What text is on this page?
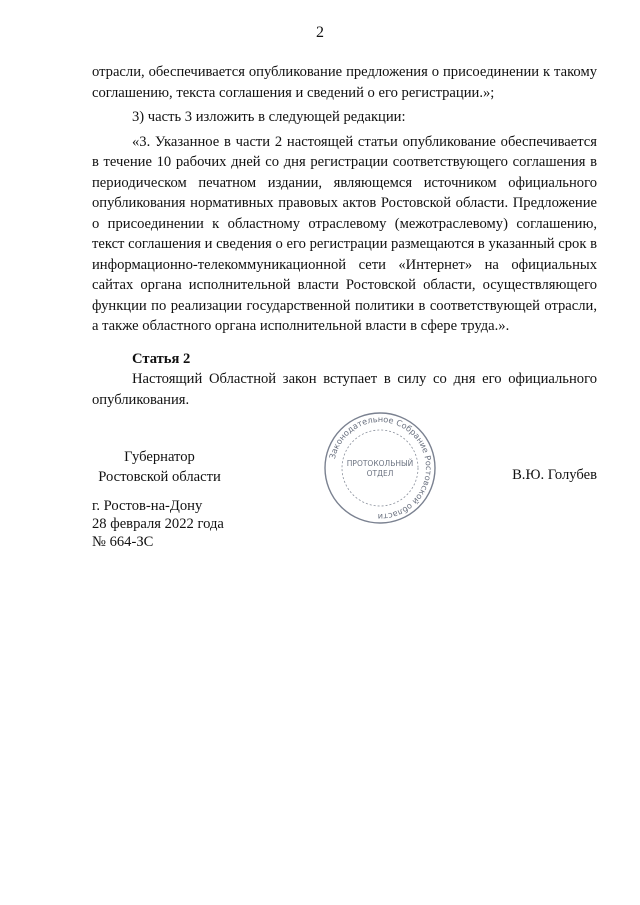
2

отрасли, обеспечивается опубликование предложения о присоединении к такому соглашению, текста соглашения и сведений о его регистрации.»;

3) часть 3 изложить в следующей редакции:

«3. Указанное в части 2 настоящей статьи опубликование обеспечивается в течение 10 рабочих дней со дня регистрации соответствующего соглашения в периодическом печатном издании, являющемся источником официального опубликования нормативных правовых актов Ростовской области. Предложение о присоединении к областному отраслевому (межотраслевому) соглашению, текст соглашения и сведения о его регистрации размещаются в указанный срок в информационно-телекоммуникационной сети «Интернет» на официальных сайтах органа исполнительной власти Ростовской области, осуществляющего функции по реализации государственной политики в соответствующей отрасли, а также областного органа исполнительной власти в сфере труда.».

Статья 2

Настоящий Областной закон вступает в силу со дня его официального опубликования.

Губернатор
Ростовской области	В.Ю. Голубев
Законодательное Собрание Ростовской области
ПРОТОКОЛЬНЫЙ
ОТДЕЛ
г. Ростов-на-Дону
28 февраля 2022 года
№ 664-ЗС
